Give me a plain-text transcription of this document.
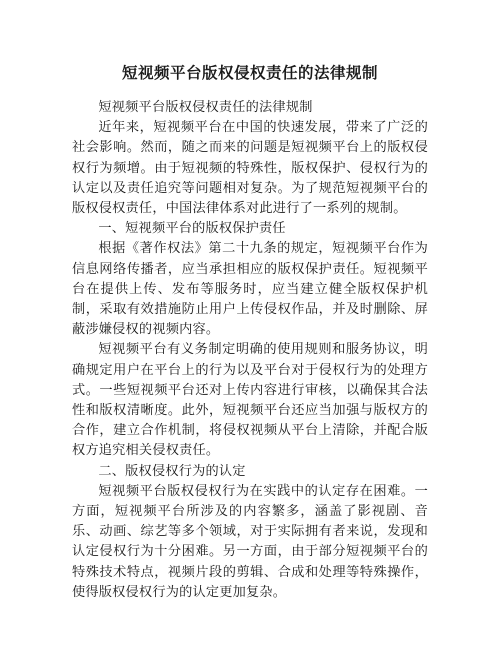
短视频平台版权侵权责任的法律规制

短视频平台版权侵权责任的法律规制

近年来，短视频平台在中国的快速发展，带来了广泛的社会影响。然而，随之而来的问题是短视频平台上的版权侵权行为频增。由于短视频的特殊性，版权保护、侵权行为的认定以及责任追究等问题相对复杂。为了规范短视频平台的版权侵权责任，中国法律体系对此进行了一系列的规制。

一、短视频平台的版权保护责任

根据《著作权法》第二十九条的规定，短视频平台作为信息网络传播者，应当承担相应的版权保护责任。短视频平台在提供上传、发布等服务时，应当建立健全版权保护机制，采取有效措施防止用户上传侵权作品，并及时删除、屏蔽涉嫌侵权的视频内容。

短视频平台有义务制定明确的使用规则和服务协议，明确规定用户在平台上的行为以及平台对于侵权行为的处理方式。一些短视频平台还对上传内容进行审核，以确保其合法性和版权清晰度。此外，短视频平台还应当加强与版权方的合作，建立合作机制，将侵权视频从平台上清除，并配合版权方追究相关侵权责任。

二、版权侵权行为的认定

短视频平台版权侵权行为在实践中的认定存在困难。一方面，短视频平台所涉及的内容繁多，涵盖了影视剧、音乐、动画、综艺等多个领域，对于实际拥有者来说，发现和认定侵权行为十分困难。另一方面，由于部分短视频平台的特殊技术特点，视频片段的剪辑、合成和处理等特殊操作，使得版权侵权行为的认定更加复杂。
